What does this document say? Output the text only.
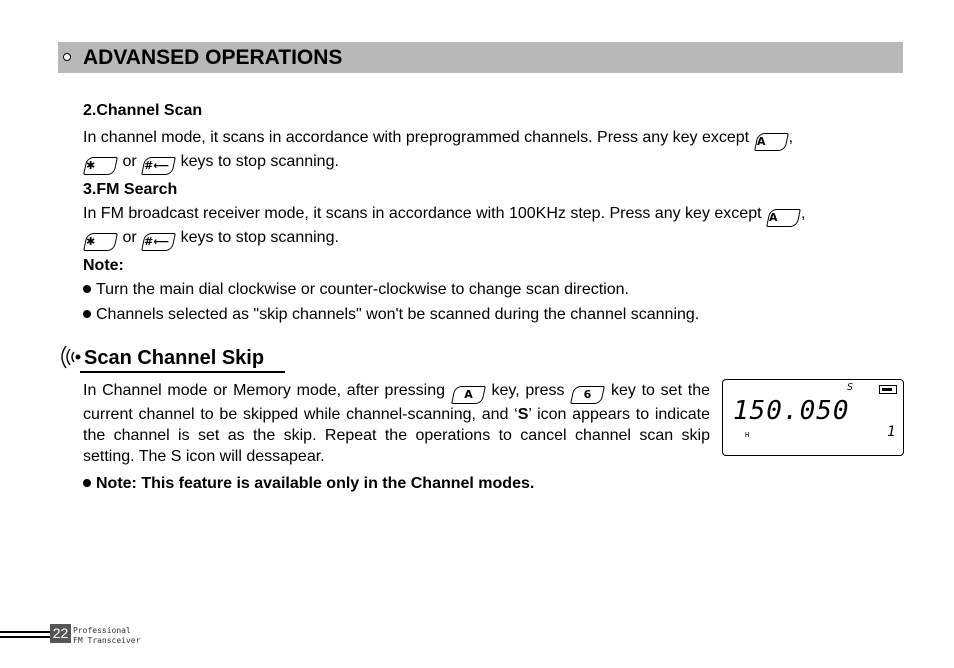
ADVANSED OPERATIONS
2.Channel Scan
In channel mode, it scans in accordance with preprogrammed channels. Press any key except A	,

✱	or #⟵ keys to stop scanning.
3.FM Search
In FM broadcast receiver mode, it scans in accordance with 100KHz step. Press any key except A	,

✱	or #⟵ keys to stop scanning.
Note:
Turn the main dial clockwise or counter-clockwise to change scan direction.
Channels selected as "skip channels" won't be scanned during the channel scanning.
Scan Channel Skip
In Channel mode or Memory mode, after pressing	A	key, press	6	key to set the current channel to be skipped while channel-scanning, and ‘S’ icon appears to indicate the channel is set as the skip. Repeat the operations to cancel channel scan skip setting. The S icon will dessapear.
S
150.050
H	1
Note: This feature is available only in the Channel modes.
22 Professional
FM Transceiver
